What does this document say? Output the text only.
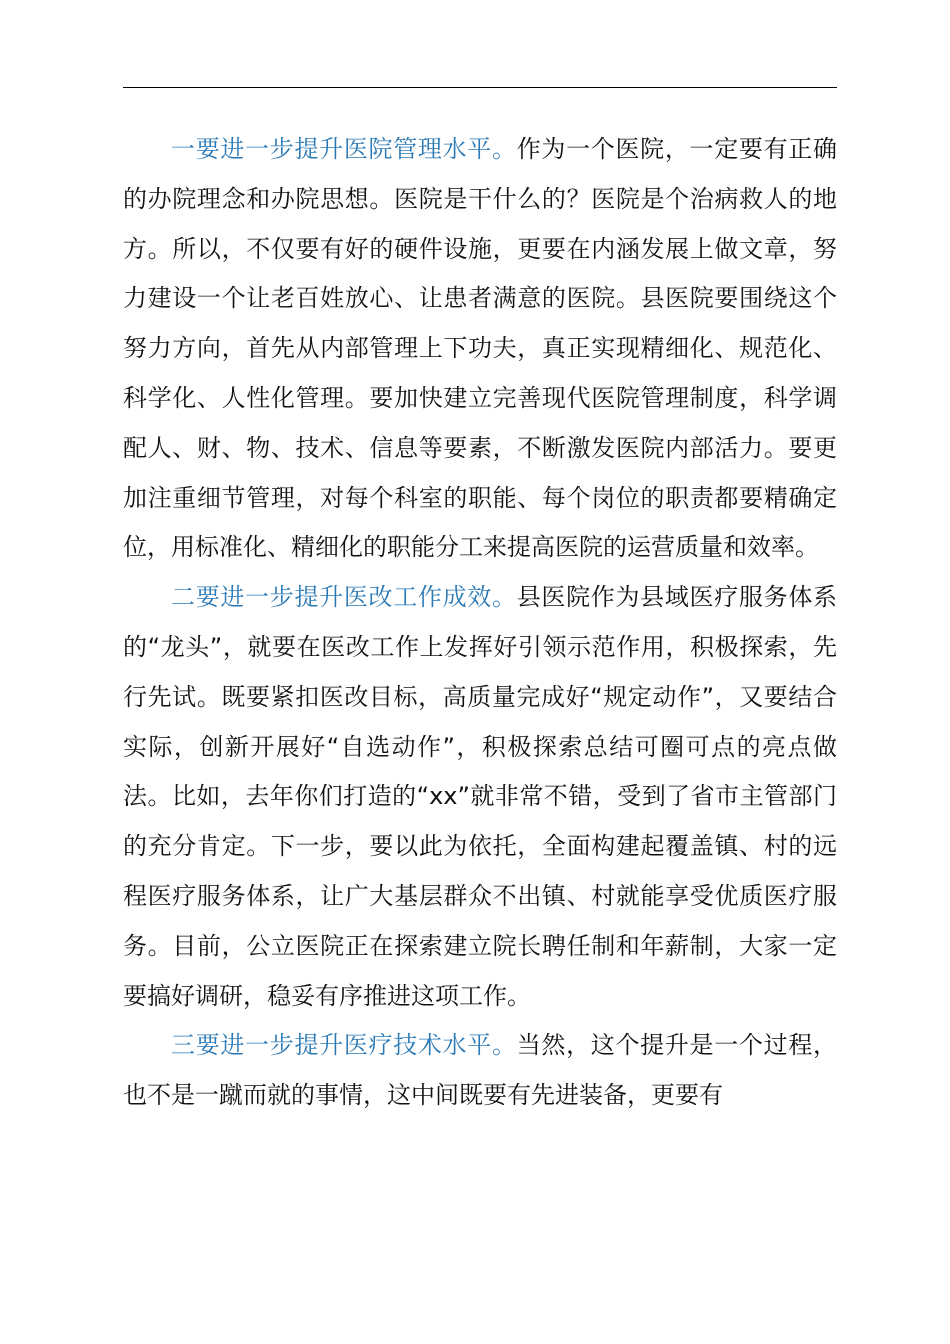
一要进一步提升医院管理水平。作为一个医院，一定要有正确的办院理念和办院思想。医院是干什么的？医院是个治病救人的地方。所以，不仅要有好的硬件设施，更要在内涵发展上做文章，努力建设一个让老百姓放心、让患者满意的医院。县医院要围绕这个努力方向，首先从内部管理上下功夫，真正实现精细化、规范化、科学化、人性化管理。要加快建立完善现代医院管理制度，科学调配人、财、物、技术、信息等要素，不断激发医院内部活力。要更加注重细节管理，对每个科室的职能、每个岗位的职责都要精确定位，用标准化、精细化的职能分工来提高医院的运营质量和效率。

二要进一步提升医改工作成效。县医院作为县域医疗服务体系的“龙头”，就要在医改工作上发挥好引领示范作用，积极探索，先行先试。既要紧扣医改目标，高质量完成好“规定动作”，又要结合实际，创新开展好“自选动作”，积极探索总结可圈可点的亮点做法。比如，去年你们打造的“xx”就非常不错，受到了省市主管部门的充分肯定。下一步，要以此为依托，全面构建起覆盖镇、村的远程医疗服务体系，让广大基层群众不出镇、村就能享受优质医疗服务。目前，公立医院正在探索建立院长聘任制和年薪制，大家一定要搞好调研，稳妥有序推进这项工作。

三要进一步提升医疗技术水平。当然，这个提升是一个过程，也不是一蹴而就的事情，这中间既要有先进装备，更要有
